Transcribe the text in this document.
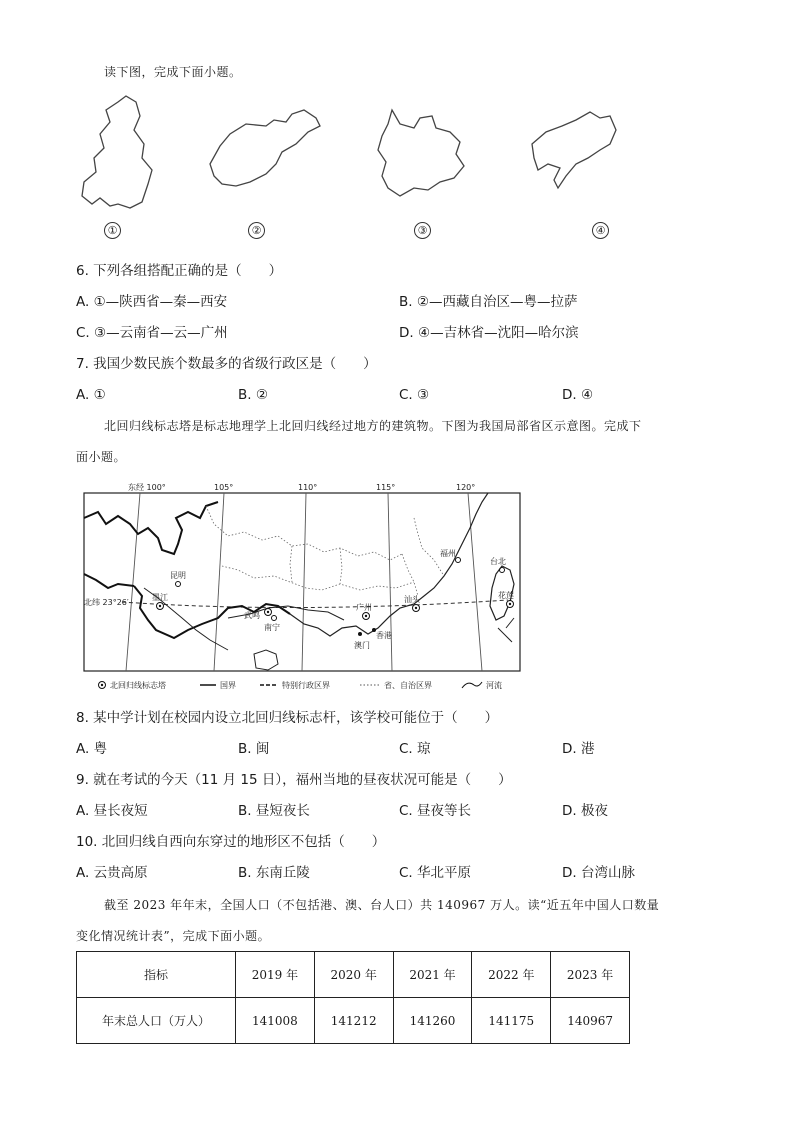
读下图，完成下面小题。
①	②	③	④
6. 下列各组搭配正确的是（　　）
A. ①—陕西省—秦—西安	B. ②—西藏自治区—粤—拉萨
C. ③—云南省—云—广州	D. ④—吉林省—沈阳—哈尔滨
7. 我国少数民族个数最多的省级行政区是（　　）
A. ①	B. ②	C. ③	D. ④
北回归线标志塔是标志地理学上北回归线经过地方的建筑物。下图为我国局部省区示意图。完成下
面小题。
东经 100°	105°	110°	115°	120°
北纬 23°26′
昆明
墨江
武鸣
南宁
广州
香港
澳门
汕头
福州
台北
花莲
北回归线标志塔	国界	特别行政区界	省、自治区界	河流
8. 某中学计划在校园内设立北回归线标志杆，该学校可能位于（　　）
A. 粤	B. 闽	C. 琼	D. 港
9. 就在考试的今天（11 月 15 日），福州当地的昼夜状况可能是（　　）
A. 昼长夜短	B. 昼短夜长	C. 昼夜等长	D. 极夜
10. 北回归线自西向东穿过的地形区不包括（　　）
A. 云贵高原	B. 东南丘陵	C. 华北平原	D. 台湾山脉
截至 2023 年年末，全国人口（不包括港、澳、台人口）共 140967 万人。读“近五年中国人口数量
变化情况统计表”，完成下面小题。
指标	2019 年	2020 年	2021 年	2022 年	2023 年
年末总人口（万人）	141008	141212	141260	141175	140967
